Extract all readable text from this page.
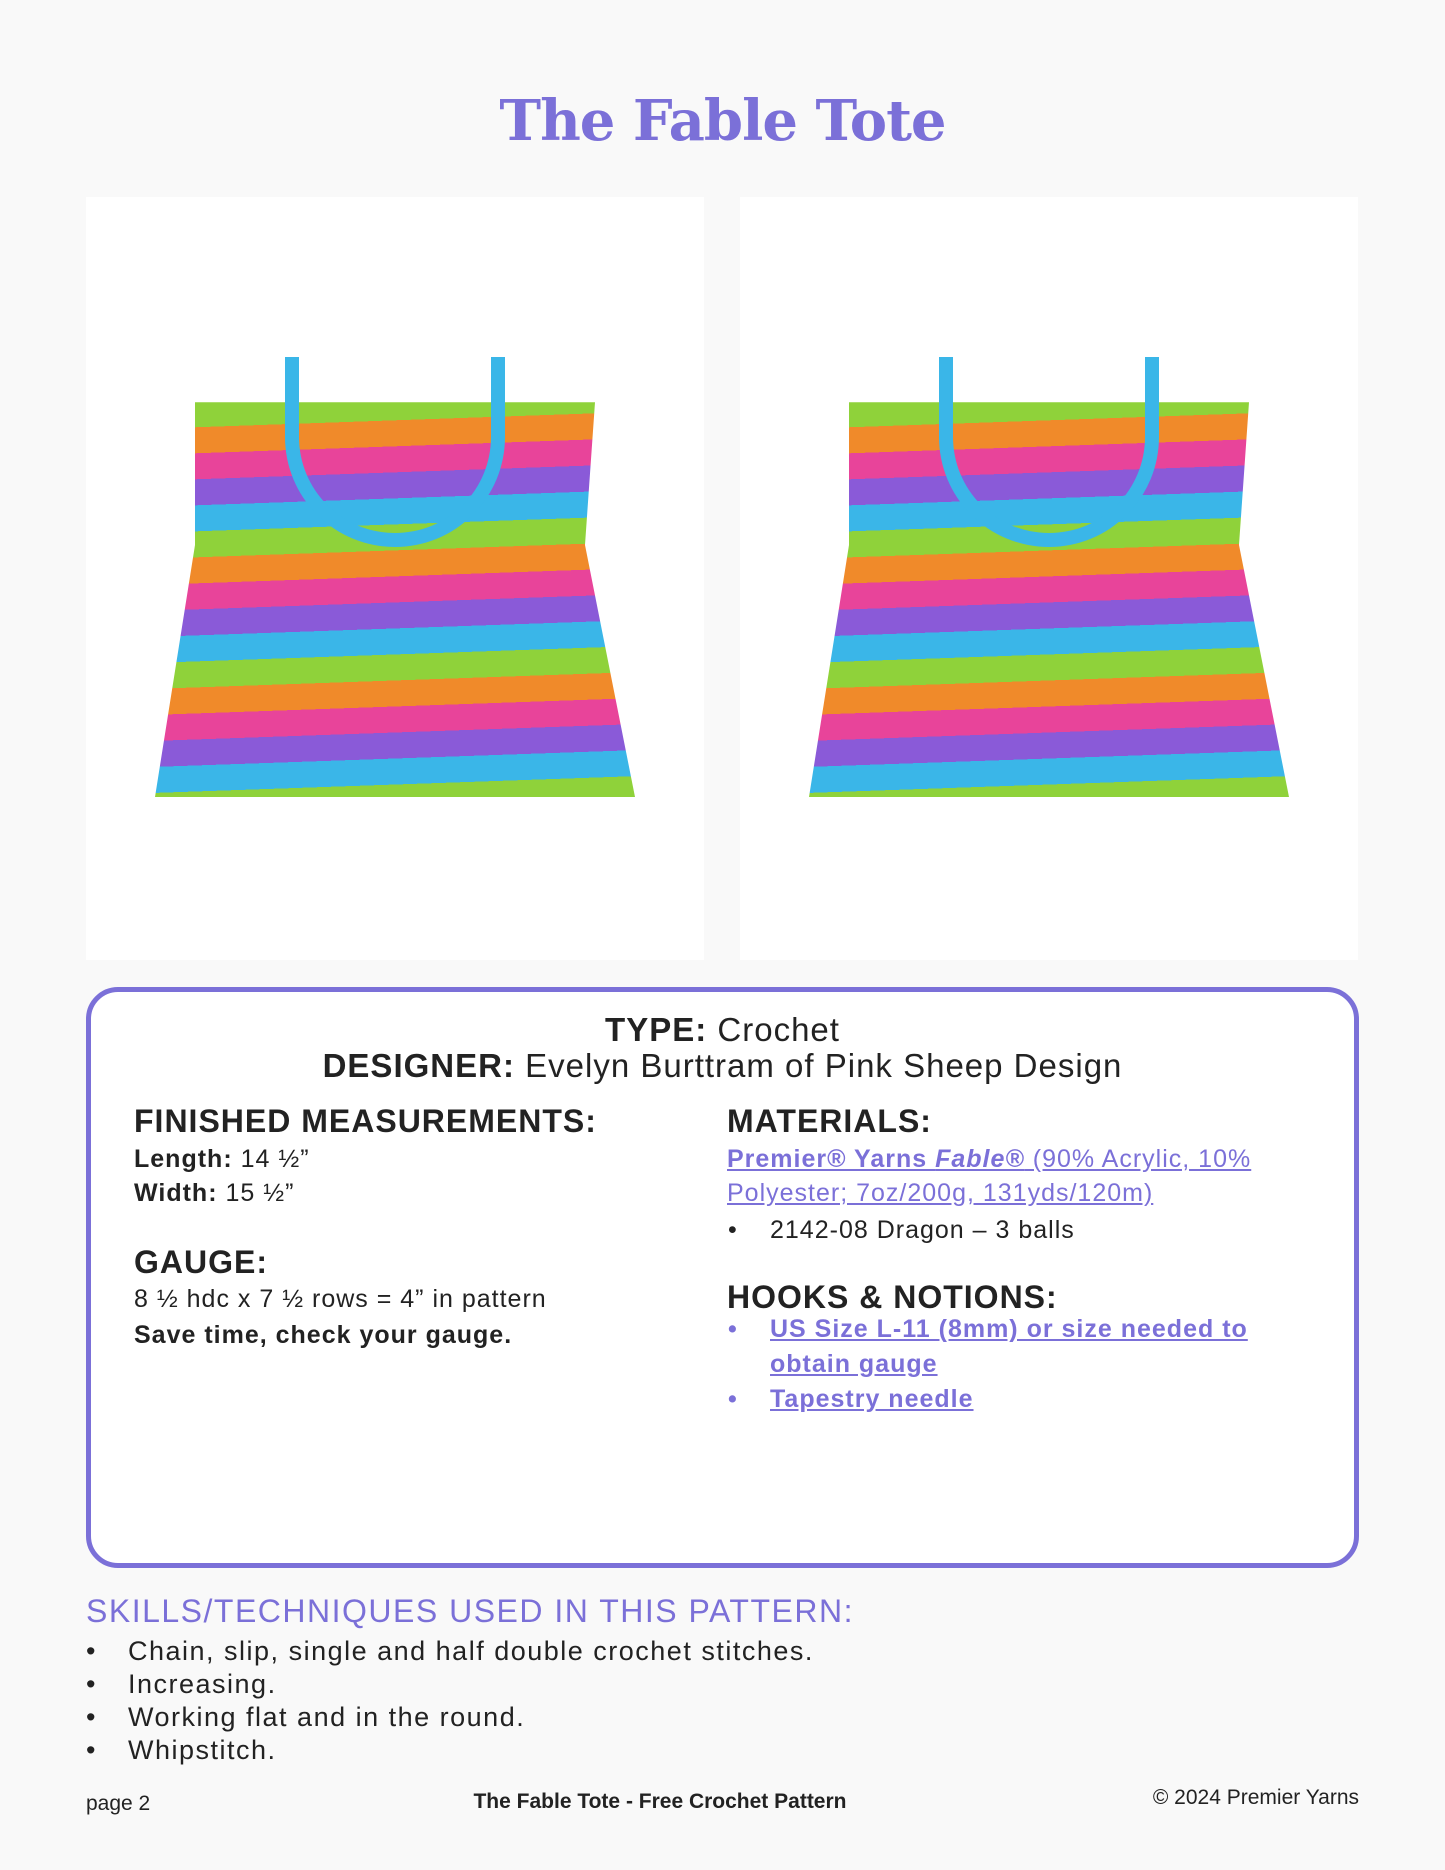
The Fable Tote
TYPE: Crochet
DESIGNER: Evelyn Burttram of Pink Sheep Design
FINISHED MEASUREMENTS:
Length: 14 ½”
Width: 15 ½”
GAUGE:
8 ½ hdc x 7 ½ rows = 4” in pattern
Save time, check your gauge.
MATERIALS:
Premier® Yarns Fable® (90% Acrylic, 10%
Polyester; 7oz/200g, 131yds/120m)
• 2142-08 Dragon – 3 balls
HOOKS & NOTIONS:
• US Size L-11 (8mm) or size needed to
obtain gauge
• Tapestry needle
SKILLS/TECHNIQUES USED IN THIS PATTERN:
• Chain, slip, single and half double crochet stitches.
• Increasing.
• Working flat and in the round.
• Whipstitch.
page 2	The Fable Tote - Free Crochet Pattern	© 2024 Premier Yarns
